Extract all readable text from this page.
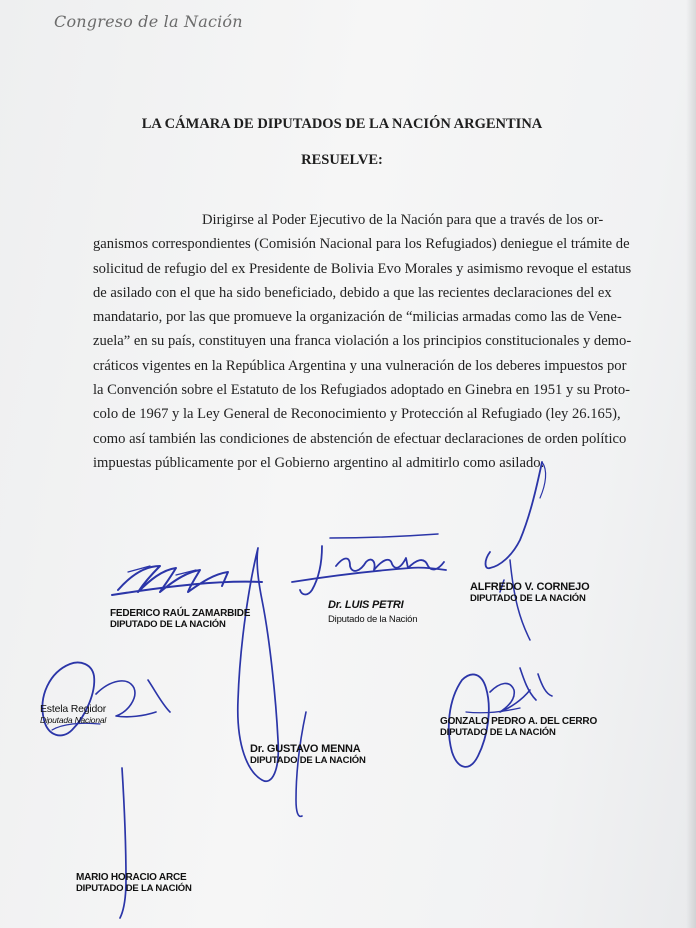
Congreso de la Nación
LA CÁMARA DE DIPUTADOS DE LA NACIÓN ARGENTINA
RESUELVE:
Dirigirse al Poder Ejecutivo de la Nación para que a través de los or-
ganismos correspondientes (Comisión Nacional para los Refugiados) deniegue el trámite de
solicitud de refugio del ex Presidente de Bolivia Evo Morales y asimismo revoque el estatus
de asilado con el que ha sido beneficiado, debido a que las recientes declaraciones del ex
mandatario, por las que promueve la organización de “milicias armadas como las de Vene-
zuela” en su país, constituyen una franca violación a los principios constitucionales y demo-
cráticos vigentes en la República Argentina y una vulneración de los deberes impuestos por
la Convención sobre el Estatuto de los Refugiados adoptado en Ginebra en 1951 y su Proto-
colo de 1967 y la Ley General de Reconocimiento y Protección al Refugiado (ley 26.165),
como así también las condiciones de abstención de efectuar declaraciones de orden político
impuestas públicamente por el Gobierno argentino al admitirlo como asilado.
FEDERICO RAÚL ZAMARBIDE
DIPUTADO DE LA NACIÓN
Dr. LUIS PETRI
Diputado de la Nación
ALFREDO V. CORNEJO
DIPUTADO DE LA NACIÓN
Estela Regidor
Diputada Nacional
Dr. GUSTAVO MENNA
DIPUTADO DE LA NACIÓN
GONZALO PEDRO A. DEL CERRO
DIPUTADO DE LA NACIÓN
MARIO HORACIO ARCE
DIPUTADO DE LA NACIÓN
